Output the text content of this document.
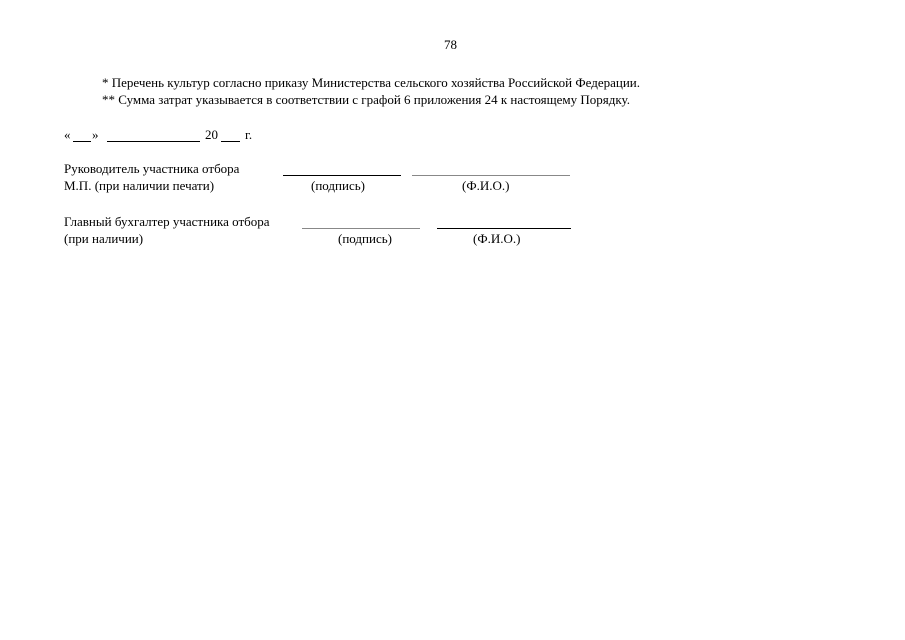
78
* Перечень культур согласно приказу Министерства сельского хозяйства Российской Федерации.
** Сумма затрат указывается в соответствии с графой 6 приложения 24 к настоящему Порядку.
« »	20 г.
Руководитель участника отбора
М.П. (при наличии печати)	(подпись)	(Ф.И.О.)
Главный бухгалтер участника отбора
(при наличии)	(подпись)	(Ф.И.О.)
